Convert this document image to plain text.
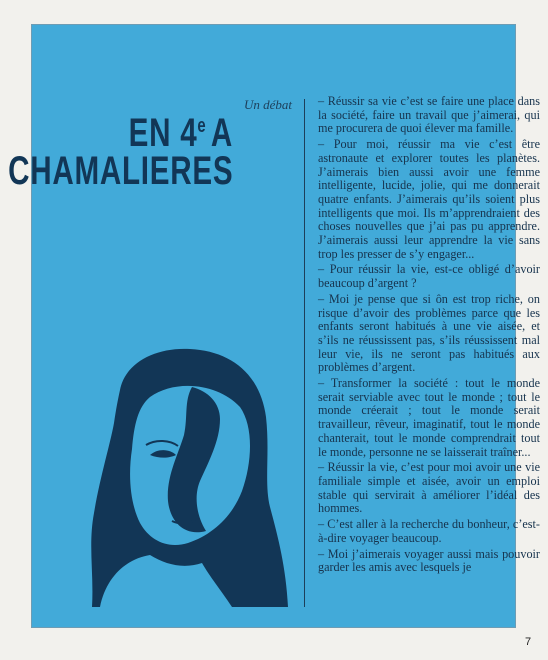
Un débat
EN 4e A
CHAMALIERES

– Réussir sa vie c’est se faire une place dans la société, faire un travail que j’aimerai, qui me procurera de quoi élever ma famille.

– Pour moi, réussir ma vie c’est être astronaute et explorer toutes les planètes. J’aimerais bien aussi avoir une femme intelligente, lucide, jolie, qui me donnerait quatre enfants. J’aimerais qu’ils soient plus intelligents que moi. Ils m’apprendraient des choses nouvelles que j’ai pas pu apprendre. J’aimerais aussi leur apprendre la vie sans trop les presser de s’y engager...

– Pour réussir la vie, est-ce obligé d’avoir beaucoup d’argent ?

– Moi je pense que si ôn est trop riche, on risque d’avoir des problèmes parce que les enfants seront habitués à une vie aisée, et s’ils ne réussissent pas, s’ils réussissent mal leur vie, ils ne seront pas habitués aux problèmes d’argent.

– Transformer la société : tout le monde serait serviable avec tout le monde ; tout le monde créerait ; tout le monde serait travailleur, rêveur, imaginatif, tout le monde chanterait, tout le monde comprendrait tout le monde, personne ne se laisserait traîner...

– Réussir la vie, c’est pour moi avoir une vie familiale simple et aisée, avoir un emploi stable qui servirait à améliorer l’idéal des hommes.

– C’est aller à la recherche du bonheur, c’est-à-dire voyager beaucoup.

– Moi j’aimerais voyager aussi mais pouvoir garder les amis avec lesquels je

7
